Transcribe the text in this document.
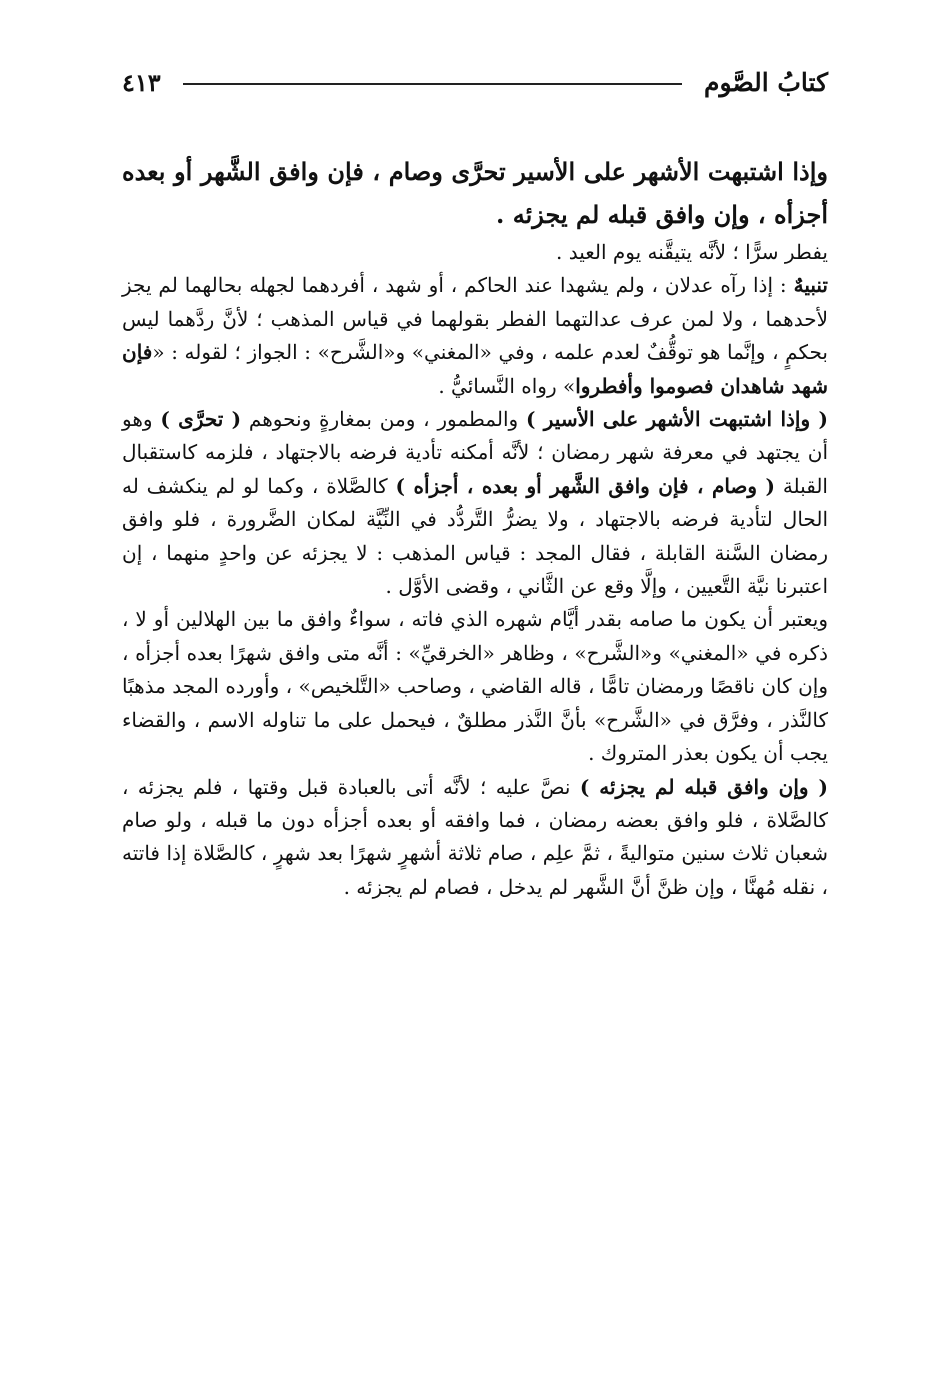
كتابُ الصَّوم
٤١٣
وإذا اشتبهت الأشهر على الأسير تحرَّى وصام ، فإن وافق الشَّهر أو بعده أجزأه ، وإن وافق قبله لم يجزئه .

يفطر سرًّا ؛ لأنَّه يتيقَّنه يوم العيد .

تنبيهٌ : إذا رآه عدلان ، ولم يشهدا عند الحاكم ، أو شهد ، أفردهما لجهله بحالهما لم يجز لأحدهما ، ولا لمن عرف عدالتهما الفطر بقولهما في قياس المذهب ؛ لأنَّ ردَّهما ليس بحكمٍ ، وإنَّما هو توقُّفٌ لعدم علمه ، وفي «المغني» و«الشَّرح» : الجواز ؛ لقوله : «فإن شهد شاهدان فصوموا وأفطروا» رواه النَّسائيُّ .

( وإذا اشتبهت الأشهر على الأسير ) والمطمور ، ومن بمغارةٍ ونحوهم ( تحرَّى ) وهو أن يجتهد في معرفة شهر رمضان ؛ لأنَّه أمكنه تأدية فرضه بالاجتهاد ، فلزمه كاستقبال القبلة ( وصام ، فإن وافق الشَّهر أو بعده ، أجزأه ) كالصَّلاة ، وكما لو لم ينكشف له الحال لتأدية فرضه بالاجتهاد ، ولا يضرُّ التَّردُّد في النِّيَّة لمكان الضَّرورة ، فلو وافق رمضان السَّنة القابلة ، فقال المجد : قياس المذهب : لا يجزئه عن واحدٍ منهما ، إن اعتبرنا نيَّة التَّعيين ، وإلَّا وقع عن الثَّاني ، وقضى الأوَّل .

ويعتبر أن يكون ما صامه بقدر أيَّام شهره الذي فاته ، سواءٌ وافق ما بين الهلالين أو لا ، ذكره في «المغني» و«الشَّرح» ، وظاهر «الخرقيِّ» : أنَّه متى وافق شهرًا بعده أجزأه ، وإن كان ناقصًا ورمضان تامًّا ، قاله القاضي ، وصاحب «التَّلخيص» ، وأورده المجد مذهبًا كالنَّذر ، وفرَّق في «الشَّرح» بأنَّ النَّذر مطلقٌ ، فيحمل على ما تناوله الاسم ، والقضاء يجب أن يكون بعذر المتروك .

( وإن وافق قبله لم يجزئه ) نصَّ عليه ؛ لأنَّه أتى بالعبادة قبل وقتها ، فلم يجزئه ، كالصَّلاة ، فلو وافق بعضه رمضان ، فما وافقه أو بعده أجزأه دون ما قبله ، ولو صام شعبان ثلاث سنين متواليةً ، ثمَّ علِم ، صام ثلاثة أشهرٍ شهرًا بعد شهرٍ ، كالصَّلاة إذا فاتته ، نقله مُهنَّا ، وإن ظنَّ أنَّ الشَّهر لم يدخل ، فصام لم يجزئه .
